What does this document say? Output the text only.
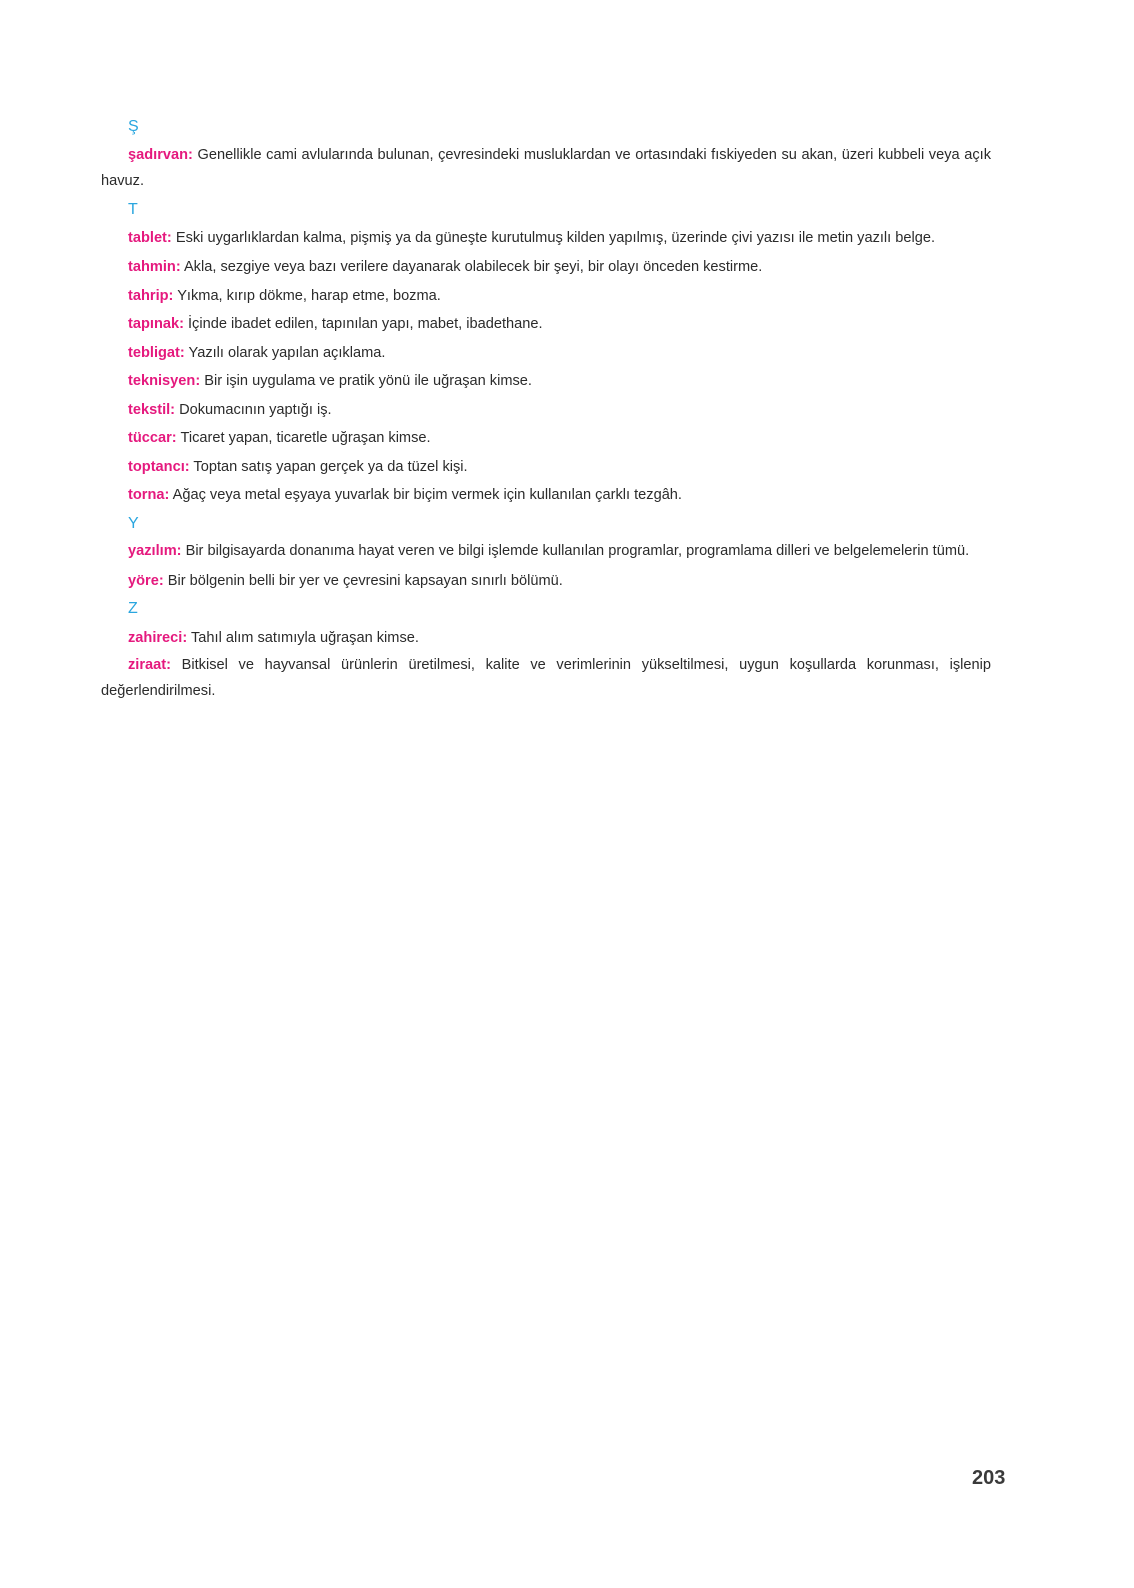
Ş
şadırvan: Genellikle cami avlularında bulunan, çevresindeki musluklardan ve ortasındaki fıskiyeden su akan, üzeri kubbeli veya açık havuz.
T
tablet: Eski uygarlıklardan kalma, pişmiş ya da güneşte kurutulmuş kilden yapılmış, üzerinde çivi yazısı ile metin yazılı belge.
tahmin: Akla, sezgiye veya bazı verilere dayanarak olabilecek bir şeyi, bir olayı önceden kestirme.
tahrip: Yıkma, kırıp dökme, harap etme, bozma.
tapınak: İçinde ibadet edilen, tapınılan yapı, mabet, ibadethane.
tebligat: Yazılı olarak yapılan açıklama.
teknisyen: Bir işin uygulama ve pratik yönü ile uğraşan kimse.
tekstil: Dokumacının yaptığı iş.
tüccar: Ticaret yapan, ticaretle uğraşan kimse.
toptancı: Toptan satış yapan gerçek ya da tüzel kişi.
torna: Ağaç veya metal eşyaya yuvarlak bir biçim vermek için kullanılan çarklı tezgâh.
Y
yazılım: Bir bilgisayarda donanıma hayat veren ve bilgi işlemde kullanılan programlar, programlama dilleri ve belgelemelerin tümü.
yöre: Bir bölgenin belli bir yer ve çevresini kapsayan sınırlı bölümü.
Z
zahireci: Tahıl alım satımıyla uğraşan kimse.
ziraat: Bitkisel ve hayvansal ürünlerin üretilmesi, kalite ve verimlerinin yükseltilmesi, uygun koşullarda korunması, işlenip değerlendirilmesi.
203
